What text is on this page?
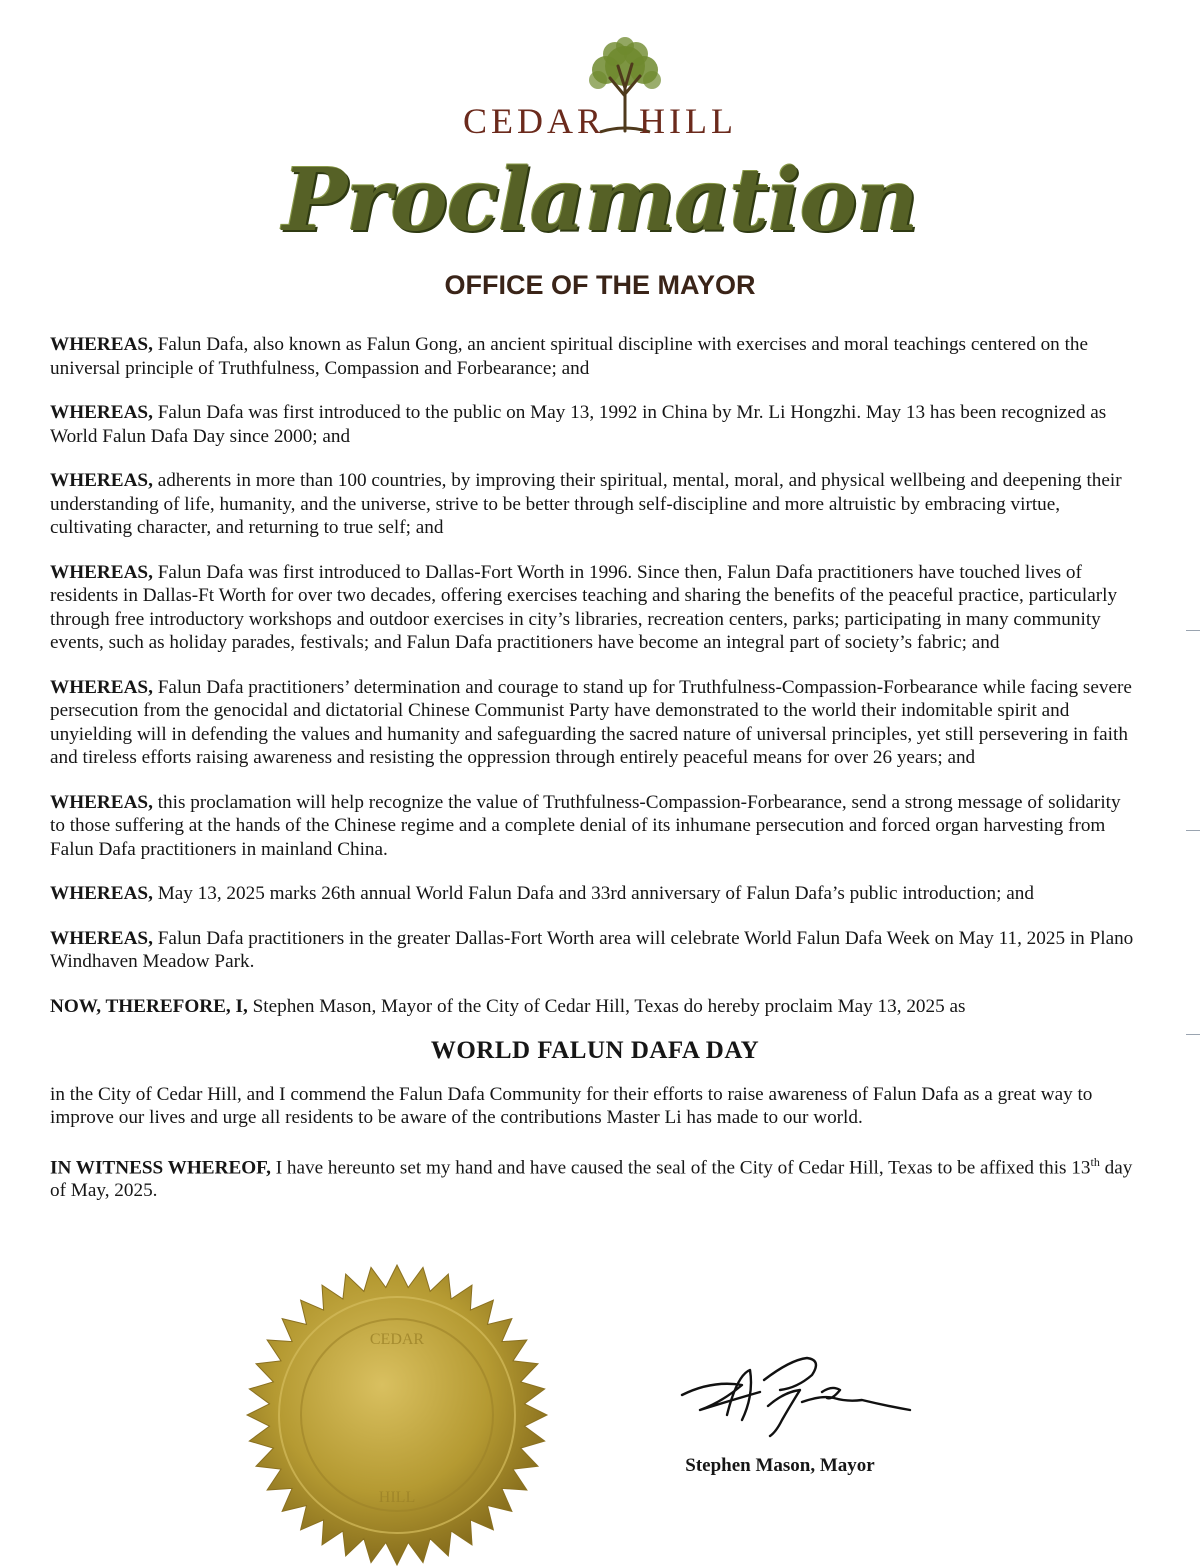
CEDAR HILL
Proclamation
OFFICE OF THE MAYOR

WHEREAS, Falun Dafa, also known as Falun Gong, an ancient spiritual discipline with exercises and moral teachings centered on the universal principle of Truthfulness, Compassion and Forbearance; and

WHEREAS, Falun Dafa was first introduced to the public on May 13, 1992 in China by Mr. Li Hongzhi. May 13 has been recognized as World Falun Dafa Day since 2000; and

WHEREAS, adherents in more than 100 countries, by improving their spiritual, mental, moral, and physical wellbeing and deepening their understanding of life, humanity, and the universe, strive to be better through self-discipline and more altruistic by embracing virtue, cultivating character, and returning to true self; and

WHEREAS, Falun Dafa was first introduced to Dallas-Fort Worth in 1996. Since then, Falun Dafa practitioners have touched lives of residents in Dallas-Ft Worth for over two decades, offering exercises teaching and sharing the benefits of the peaceful practice, particularly through free introductory workshops and outdoor exercises in city’s libraries, recreation centers, parks; participating in many community events, such as holiday parades, festivals; and Falun Dafa practitioners have become an integral part of society’s fabric; and

WHEREAS, Falun Dafa practitioners’ determination and courage to stand up for Truthfulness-Compassion-Forbearance while facing severe persecution from the genocidal and dictatorial Chinese Communist Party have demonstrated to the world their indomitable spirit and unyielding will in defending the values and humanity and safeguarding the sacred nature of universal principles, yet still persevering in faith and tireless efforts raising awareness and resisting the oppression through entirely peaceful means for over 26 years; and

WHEREAS, this proclamation will help recognize the value of Truthfulness-Compassion-Forbearance, send a strong message of solidarity to those suffering at the hands of the Chinese regime and a complete denial of its inhumane persecution and forced organ harvesting from Falun Dafa practitioners in mainland China.

WHEREAS, May 13, 2025 marks 26th annual World Falun Dafa and 33rd anniversary of Falun Dafa’s public introduction; and

WHEREAS, Falun Dafa practitioners in the greater Dallas-Fort Worth area will celebrate World Falun Dafa Week on May 11, 2025 in Plano Windhaven Meadow Park.

NOW, THEREFORE, I, Stephen Mason, Mayor of the City of Cedar Hill, Texas do hereby proclaim May 13, 2025 as

WORLD FALUN DAFA DAY

in the City of Cedar Hill, and I commend the Falun Dafa Community for their efforts to raise awareness of Falun Dafa as a great way to improve our lives and urge all residents to be aware of the contributions Master Li has made to our world.

IN WITNESS WHEREOF, I have hereunto set my hand and have caused the seal of the City of Cedar Hill, Texas to be affixed this 13th day of May, 2025.

CEDAR
HILL
Stephen Mason, Mayor
